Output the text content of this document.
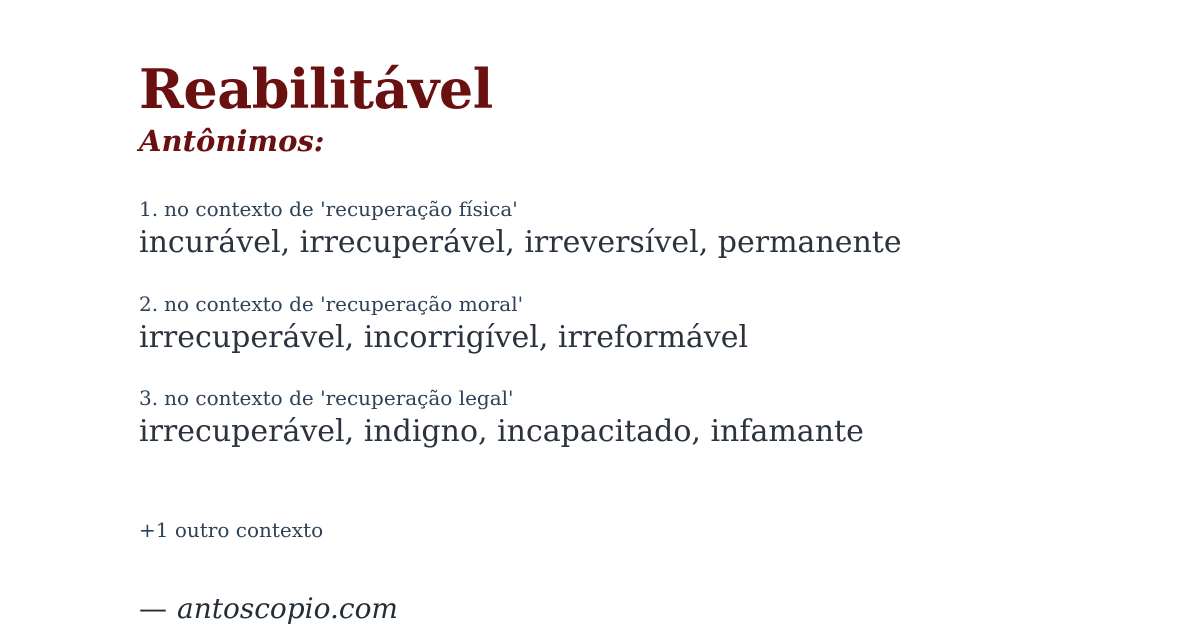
Reabilitável
Antônimos:
1. no contexto de 'recuperação física'
incurável, irrecuperável, irreversível, permanente
2. no contexto de 'recuperação moral'
irrecuperável, incorrigível, irreformável
3. no contexto de 'recuperação legal'
irrecuperável, indigno, incapacitado, infamante
+1 outro contexto
— antoscopio.com
